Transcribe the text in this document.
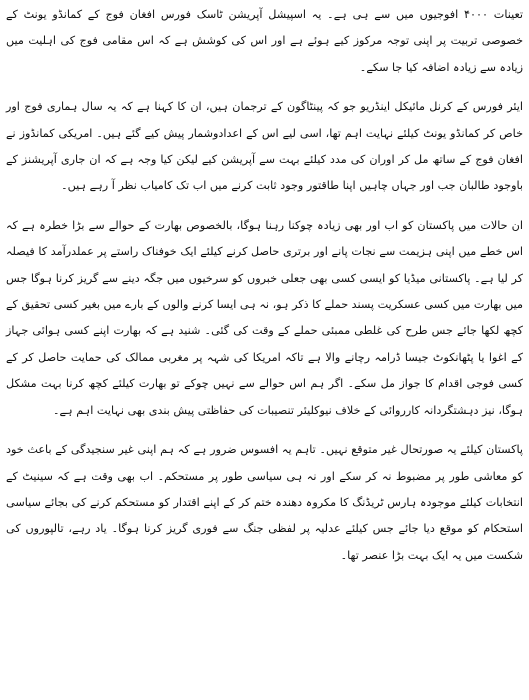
تعینات ۴۰۰۰ افوجیوں میں سے ہی ہے۔ یہ اسپیشل آپریشن ٹاسک فورس افغان فوج کے کمانڈو یونٹ کے خصوصی تربیت پر اپنی توجہ مرکوز کیے ہوئے ہے اور اس کی کوشش ہے کہ اس مقامی فوج کی اہلیت میں زیادہ سے زیادہ اضافہ کیا جا سکے۔

ایئر فورس کے کرنل مائیکل اینڈریو جو کہ پینٹاگون کے ترجمان ہیں، ان کا کہنا ہے کہ یہ سال ہماری فوج اور خاص کر کمانڈو یونٹ کیلئے نہایت اہم تھا، اسی لیے اس کے اعدادوشمار پیش کیے گئے ہیں۔ امریکی کمانڈوز نے افغان فوج کے ساتھ مل کر اوران کی مدد کیلئے بہت سے آپریشن کیے لیکن کیا وجہ ہے کہ ان جاری آپریشنز کے باوجود طالبان جب اور جہاں چاہیں اپنا طاقتور وجود ثابت کرنے میں اب تک کامیاب نظر آ رہے ہیں۔

ان حالات میں پاکستان کو اب اور بھی زیادہ چوکنا رہنا ہوگا، بالخصوص بھارت کے حوالے سے بڑا خطرہ ہے کہ اس خطے میں اپنی ہزیمت سے نجات پانے اور برتری حاصل کرنے کیلئے ایک خوفناک راستے پر عملدرآمد کا فیصلہ کر لیا ہے۔ پاکستانی میڈیا کو ایسی کسی بھی جعلی خبروں کو سرخیوں میں جگہ دینے سے گریز کرنا ہوگا جس میں بھارت میں کسی عسکریت پسند حملے کا ذکر ہو، نہ ہی ایسا کرنے والوں کے بارے میں بغیر کسی تحقیق کے کچھ لکھا جائے جس طرح کی غلطی ممبئی حملے کے وقت کی گئی۔ شنید ہے کہ بھارت اپنے کسی ہوائی جہاز کے اغوا یا پٹھانکوٹ جیسا ڈرامہ رچانے والا ہے تاکہ امریکا کی شہہ پر مغربی ممالک کی حمایت حاصل کر کے کسی فوجی اقدام کا جواز مل سکے۔ اگر ہم اس حوالے سے نہیں چوکے تو بھارت کیلئے کچھ کرنا بہت مشکل ہوگا، نیز دہشتگردانہ کارروائی کے خلاف نیوکلیئر تنصیبات کی حفاظتی پیش بندی بھی نہایت اہم ہے۔

پاکستان کیلئے یہ صورتحال غیر متوقع نہیں۔ تاہم یہ افسوس ضرور ہے کہ ہم اپنی غیر سنجیدگی کے باعث خود کو معاشی طور پر مضبوط نہ کر سکے اور نہ ہی سیاسی طور پر مستحکم۔ اب بھی وقت ہے کہ سینیٹ کے انتخابات کیلئے موجودہ ہارس ٹریڈنگ کا مکروہ دھندہ ختم کر کے اپنے اقتدار کو مستحکم کرنے کی بجائے سیاسی استحکام کو موقع دیا جائے جس کیلئے عدلیہ پر لفظی جنگ سے فوری گریز کرنا ہوگا۔ یاد رہے، تالپوروں کی شکست میں یہ ایک بہت بڑا عنصر تھا۔
